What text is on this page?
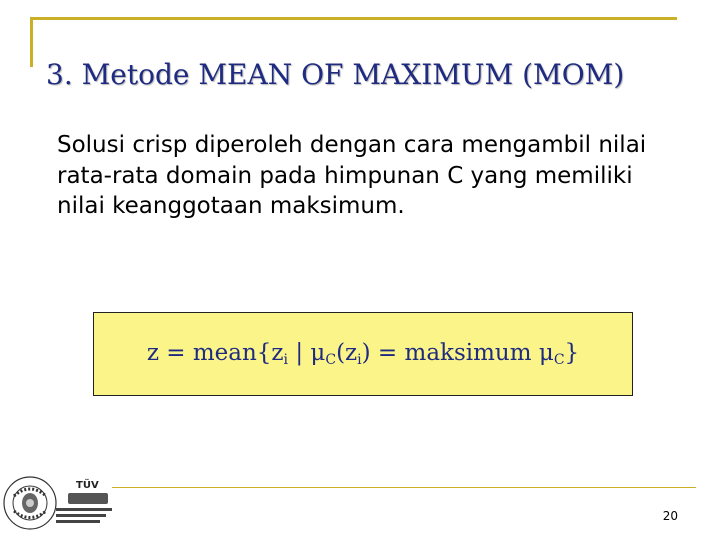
3. Metode MEAN OF MAXIMUM (MOM)

Solusi crisp diperoleh dengan cara mengambil nilai rata-rata domain pada himpunan C yang memiliki nilai keanggotaan maksimum.

$z = mean\{z_i$ | $\mu_C(z_i)$ = maksimum $\mu_C$}
TÜV
20
